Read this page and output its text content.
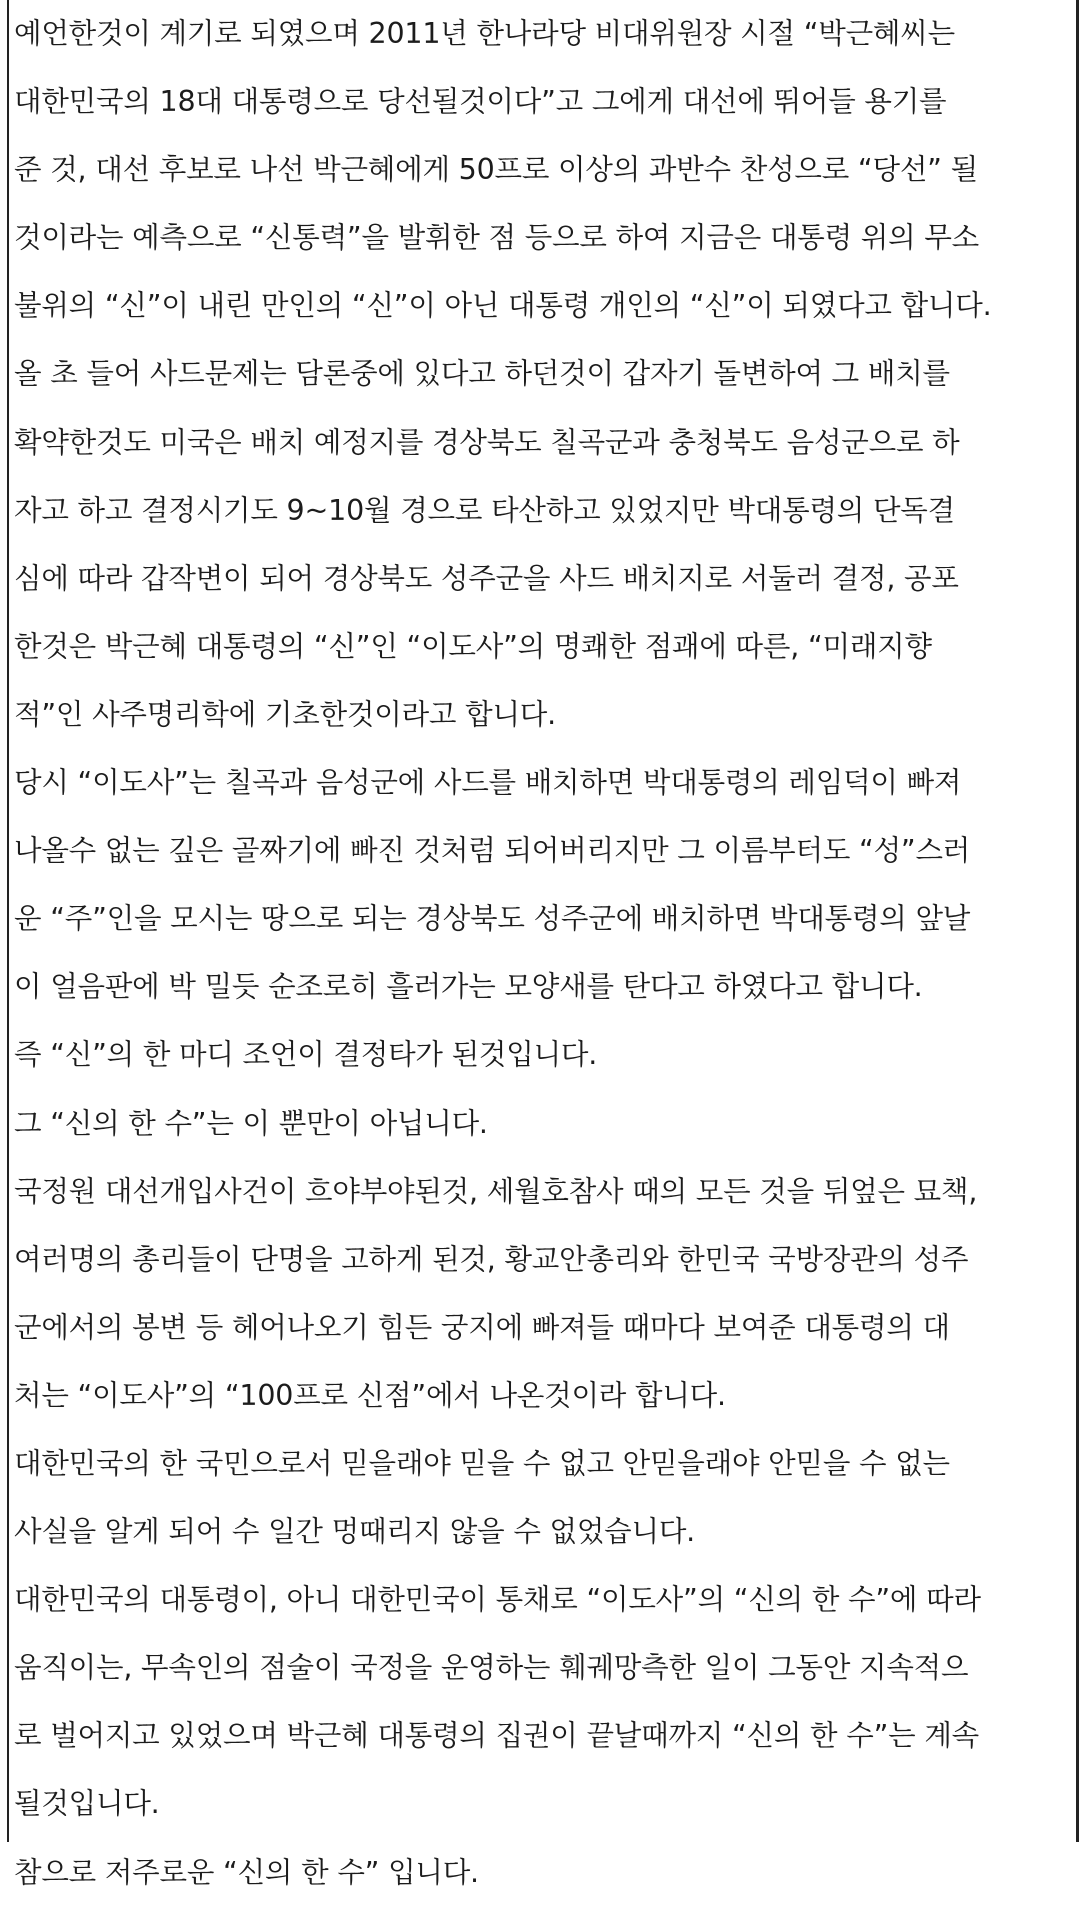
예언한것이 계기로 되였으며 2011년 한나라당 비대위원장 시절 “박근혜씨는
대한민국의 18대 대통령으로 당선될것이다”고 그에게 대선에 뛰어들 용기를
준 것, 대선 후보로 나선 박근혜에게 50프로 이상의 과반수 찬성으로 “당선” 될
것이라는 예측으로 “신통력”을 발휘한 점 등으로 하여 지금은 대통령 위의 무소
불위의 “신”이 내린 만인의 “신”이 아닌 대통령 개인의 “신”이 되였다고 합니다.
올 초 들어 사드문제는 담론중에 있다고 하던것이 갑자기 돌변하여 그 배치를
확약한것도 미국은 배치 예정지를 경상북도 칠곡군과 충청북도 음성군으로 하
자고 하고 결정시기도 9~10월 경으로 타산하고 있었지만 박대통령의 단독결
심에 따라 갑작변이 되어 경상북도 성주군을 사드 배치지로 서둘러 결정, 공포
한것은 박근혜 대통령의 “신”인 “이도사”의 명쾌한 점괘에 따른, “미래지향
적”인 사주명리학에 기초한것이라고 합니다.
당시 “이도사”는 칠곡과 음성군에 사드를 배치하면 박대통령의 레임덕이 빠져
나올수 없는 깊은 골짜기에 빠진 것처럼 되어버리지만 그 이름부터도 “성”스러
운 “주”인을 모시는 땅으로 되는 경상북도 성주군에 배치하면 박대통령의 앞날
이 얼음판에 박 밀듯 순조로히 흘러가는 모양새를 탄다고 하였다고 합니다.
즉 “신”의 한 마디 조언이 결정타가 된것입니다.
그 “신의 한 수”는 이 뿐만이 아닙니다.
국정원 대선개입사건이 흐야부야된것, 세월호참사 때의 모든 것을 뒤엎은 묘책,
여러명의 총리들이 단명을 고하게 된것, 황교안총리와 한민국 국방장관의 성주
군에서의 봉변 등 헤어나오기 힘든 궁지에 빠져들 때마다 보여준 대통령의 대
처는 “이도사”의 “100프로 신점”에서 나온것이라 합니다.
대한민국의 한 국민으로서 믿을래야 믿을 수 없고 안믿을래야 안믿을 수 없는
사실을 알게 되어 수 일간 멍때리지 않을 수 없었습니다.
대한민국의 대통령이, 아니 대한민국이 통채로 “이도사”의 “신의 한 수”에 따라
움직이는, 무속인의 점술이 국정을 운영하는 훼궤망측한 일이 그동안 지속적으
로 벌어지고 있었으며 박근혜 대통령의 집권이 끝날때까지 “신의 한 수”는 계속
될것입니다.
참으로 저주로운 “신의 한 수” 입니다.
